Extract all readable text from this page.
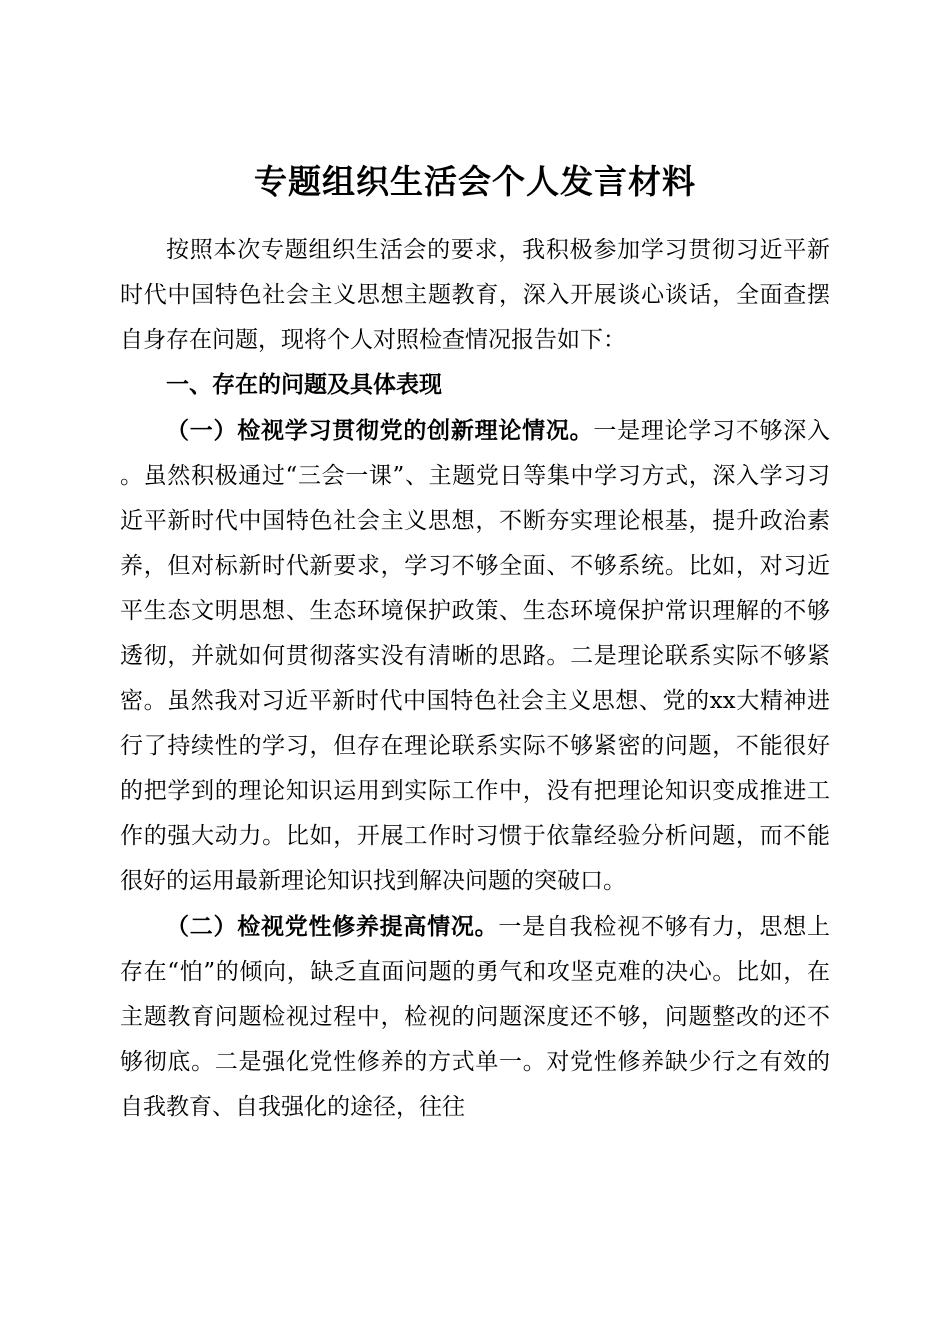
专题组织生活会个人发言材料

按照本次专题组织生活会的要求，我积极参加学习贯彻习近平新时代中国特色社会主义思想主题教育，深入开展谈心谈话，全面查摆自身存在问题，现将个人对照检查情况报告如下：

一、存在的问题及具体表现

（一）检视学习贯彻党的创新理论情况。一是理论学习不够深入。虽然积极通过“三会一课”、主题党日等集中学习方式，深入学习习近平新时代中国特色社会主义思想，不断夯实理论根基，提升政治素养，但对标新时代新要求，学习不够全面、不够系统。比如，对习近平生态文明思想、生态环境保护政策、生态环境保护常识理解的不够透彻，并就如何贯彻落实没有清晰的思路。二是理论联系实际不够紧密。虽然我对习近平新时代中国特色社会主义思想、党的xx大精神进行了持续性的学习，但存在理论联系实际不够紧密的问题，不能很好的把学到的理论知识运用到实际工作中，没有把理论知识变成推进工作的强大动力。比如，开展工作时习惯于依靠经验分析问题，而不能很好的运用最新理论知识找到解决问题的突破口。

（二）检视党性修养提高情况。一是自我检视不够有力，思想上存在“怕”的倾向，缺乏直面问题的勇气和攻坚克难的决心。比如，在主题教育问题检视过程中，检视的问题深度还不够，问题整改的还不够彻底。二是强化党性修养的方式单一。对党性修养缺少行之有效的自我教育、自我强化的途径，往往
